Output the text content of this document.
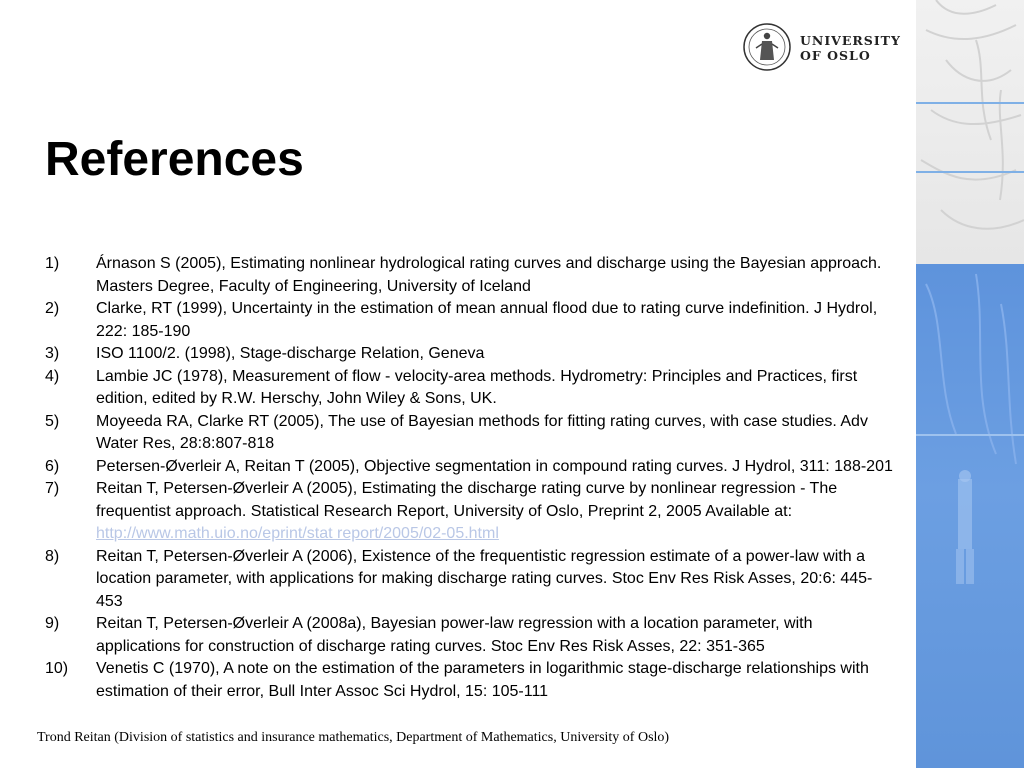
UNIVERSITY
OF OSLO
References
1) Árnason S (2005), Estimating nonlinear hydrological rating curves and discharge using the Bayesian approach. Masters Degree, Faculty of Engineering, University of Iceland
2) Clarke, RT (1999), Uncertainty in the estimation of mean annual flood due to rating curve indefinition. J Hydrol, 222: 185-190
3) ISO 1100/2. (1998), Stage-discharge Relation, Geneva
4) Lambie JC (1978), Measurement of flow - velocity-area methods. Hydrometry: Principles and Practices, first edition, edited by R.W. Herschy, John Wiley & Sons, UK.
5) Moyeeda RA, Clarke RT (2005), The use of Bayesian methods for fitting rating curves, with case studies. Adv Water Res, 28:8:807-818
6) Petersen-Øverleir A, Reitan T (2005), Objective segmentation in compound rating curves. J Hydrol, 311: 188-201
7) Reitan T, Petersen-Øverleir A (2005), Estimating the discharge rating curve by nonlinear regression - The frequentist approach. Statistical Research Report, University of Oslo, Preprint 2, 2005 Available at: http://www.math.uio.no/eprint/stat report/2005/02-05.html
8) Reitan T, Petersen-Øverleir A (2006), Existence of the frequentistic regression estimate of a power-law with a location parameter, with applications for making discharge rating curves. Stoc Env Res Risk Asses, 20:6: 445-453
9) Reitan T, Petersen-Øverleir A (2008a), Bayesian power-law regression with a location parameter, with applications for construction of discharge rating curves. Stoc Env Res Risk Asses, 22: 351-365
10) Venetis C (1970), A note on the estimation of the parameters in logarithmic stage-discharge relationships with estimation of their error, Bull Inter Assoc Sci Hydrol, 15: 105-111
Trond Reitan (Division of statistics and insurance mathematics, Department of Mathematics, University of Oslo)
